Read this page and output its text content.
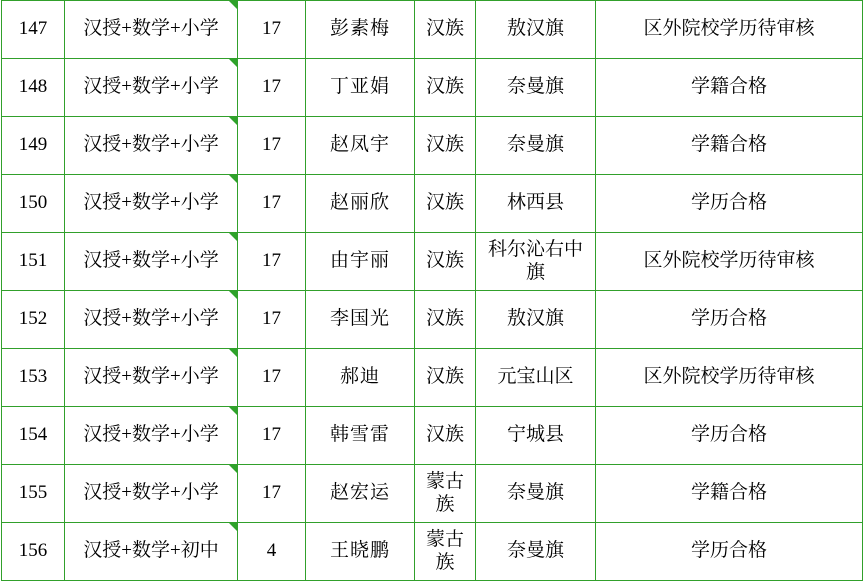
147	汉授+数学+小学	17	彭素梅	汉族	敖汉旗	区外院校学历待审核
148	汉授+数学+小学	17	丁亚娟	汉族	奈曼旗	学籍合格
149	汉授+数学+小学	17	赵凤宇	汉族	奈曼旗	学籍合格
150	汉授+数学+小学	17	赵丽欣	汉族	林西县	学历合格
151	汉授+数学+小学	17	由宇丽	汉族	科尔沁右中旗	区外院校学历待审核
152	汉授+数学+小学	17	李国光	汉族	敖汉旗	学历合格
153	汉授+数学+小学	17	郝迪	汉族	元宝山区	区外院校学历待审核
154	汉授+数学+小学	17	韩雪雷	汉族	宁城县	学历合格
155	汉授+数学+小学	17	赵宏运	蒙古族	奈曼旗	学籍合格
156	汉授+数学+初中	4	王晓鹏	蒙古族	奈曼旗	学历合格
